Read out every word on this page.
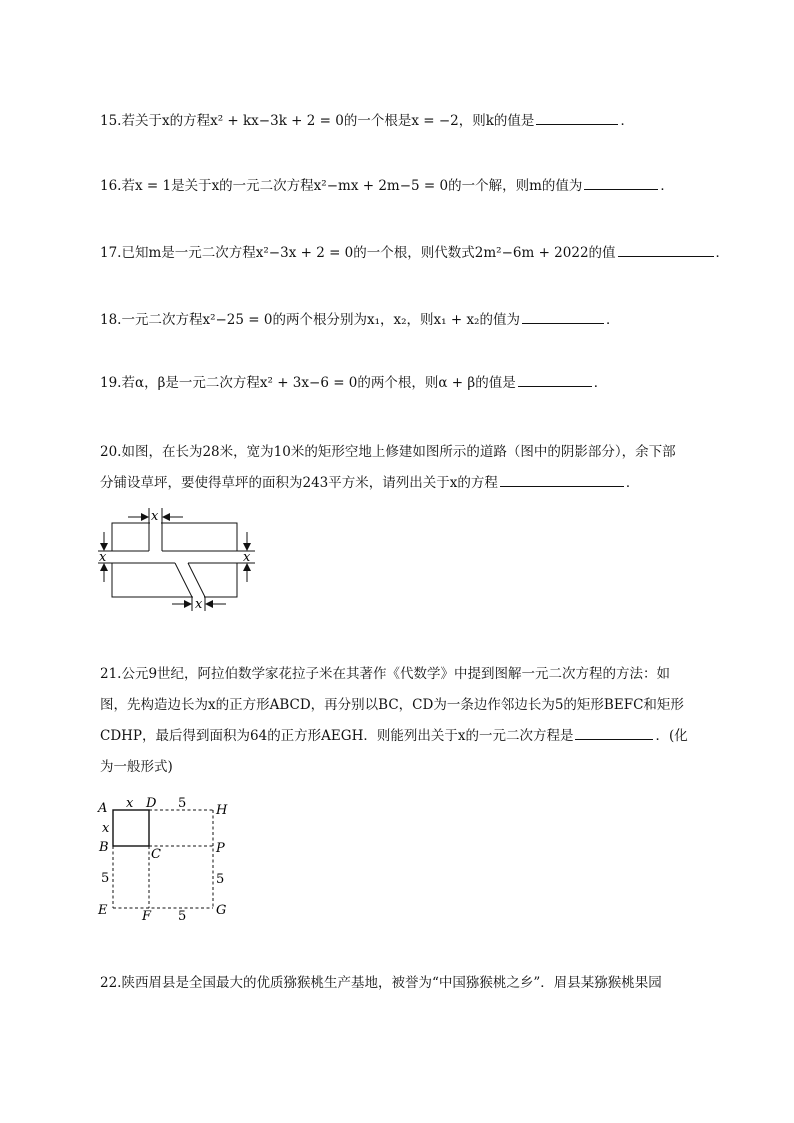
15.若关于x的方程x² + kx−3k + 2 = 0的一个根是x = −2，则k的值是	．
16.若x = 1是关于x的一元二次方程x²−mx + 2m−5 = 0的一个解，则m的值为	．
17.已知m是一元二次方程x²−3x + 2 = 0的一个根，则代数式2m²−6m + 2022的值	．
18.一元二次方程x²−25 = 0的两个根分别为x₁，x₂，则x₁ + x₂的值为	．
19.若α，β是一元二次方程x² + 3x−6 = 0的两个根，则α + β的值是	．
20.如图，在长为28米，宽为10米的矩形空地上修建如图所示的道路（图中的阴影部分），余下部
分铺设草坪，要使得草坪的面积为243平方米，请列出关于x的方程	．
x
x	x
x
21.公元9世纪，阿拉伯数学家花拉子米在其著作《代数学》中提到图解一元二次方程的方法：如
图，先构造边长为x的正方形ABCD，再分别以BC，CD为一条边作邻边长为5的矩形BEFC和矩形
CDHP，最后得到面积为64的正方形AEGH．则能列出关于x的一元二次方程是	．(化
为一般形式)
A x D 5 H
x
B	C	P
5	5
E	F 5 G
22.陕西眉县是全国最大的优质猕猴桃生产基地，被誉为“中国猕猴桃之乡”．眉县某猕猴桃果园
